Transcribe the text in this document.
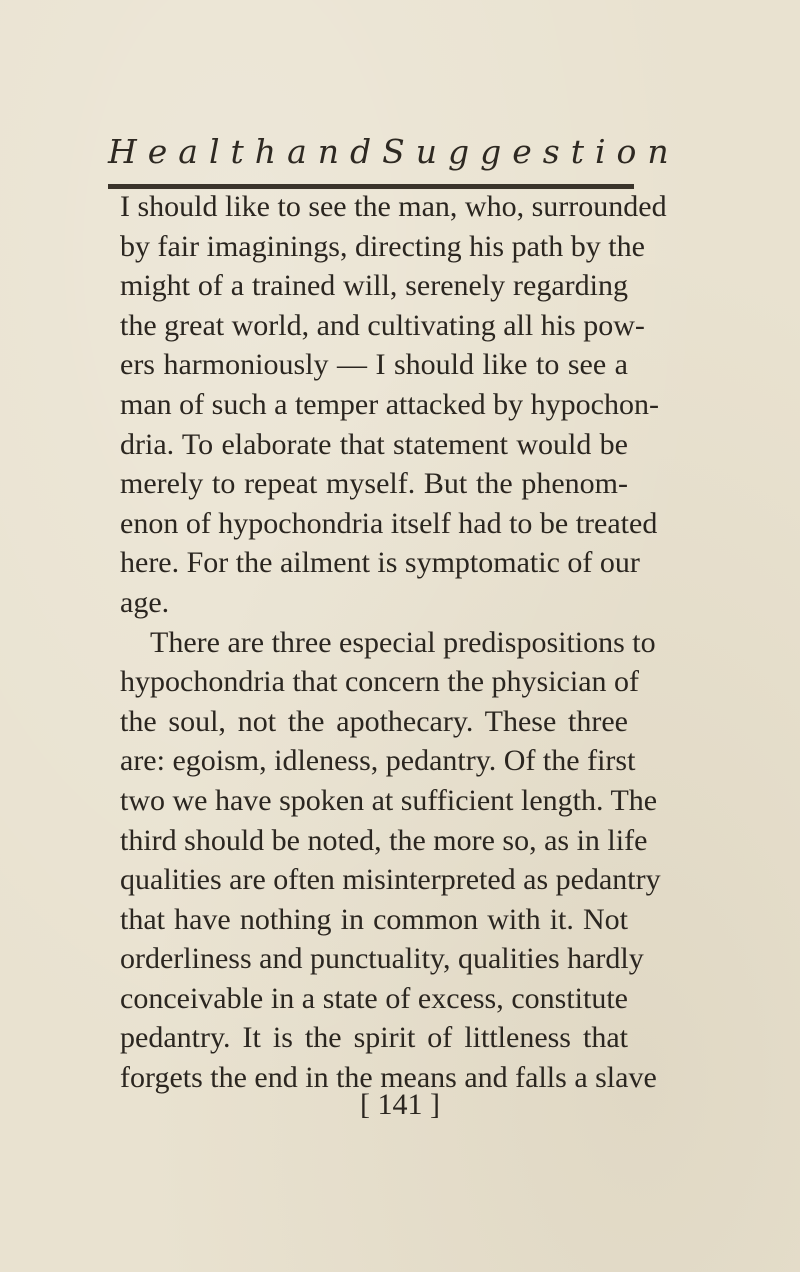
Health and Suggestion
I should like to see the man, who, surrounded
by fair imaginings, directing his path by the
might of a trained will, serenely regarding
the great world, and cultivating all his pow-
ers harmoniously — I should like to see a
man of such a temper attacked by hypochon-
dria. To elaborate that statement would be
merely to repeat myself. But the phenom-
enon of hypochondria itself had to be treated
here. For the ailment is symptomatic of our
age.
There are three especial predispositions to
hypochondria that concern the physician of
the soul, not the apothecary. These three
are: egoism, idleness, pedantry. Of the first
two we have spoken at sufficient length. The
third should be noted, the more so, as in life
qualities are often misinterpreted as pedantry
that have nothing in common with it. Not
orderliness and punctuality, qualities hardly
conceivable in a state of excess, constitute
pedantry. It is the spirit of littleness that
forgets the end in the means and falls a slave
[ 141 ]
